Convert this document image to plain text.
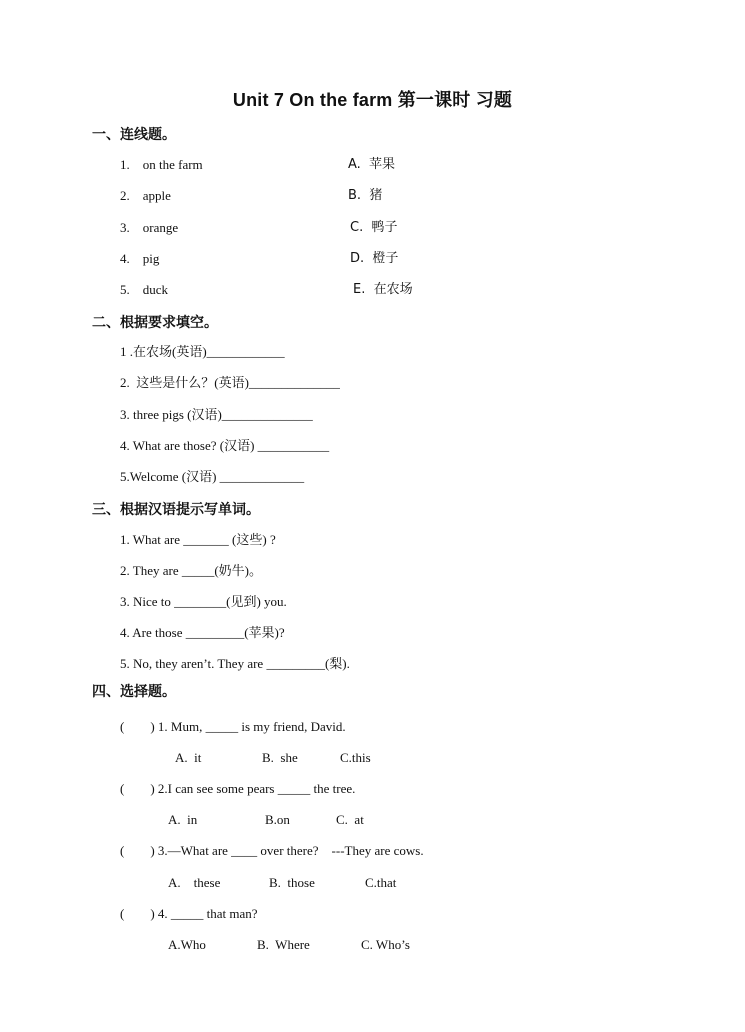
Unit 7 On the farm 第一课时 习题
一、连线题。
1.    on the farm	A.  苹果
2.    apple	B.  猪
3.    orange	C.  鸭子
4.    pig	D.  橙子
5.    duck	E.  在农场
二、根据要求填空。
1 .在农场(英语)____________
2.  这些是什么？(英语)______________
3. three pigs (汉语)______________
4. What are those? (汉语) ___________
5.Welcome (汉语) _____________
三、根据汉语提示写单词。
1. What are _______ (这些) ?
2. They are _____(奶牛)。
3. Nice to ________(见到) you.
4. Are those _________(苹果)?
5. No, they aren’t. They are _________(梨).
四、选择题。
(        ) 1. Mum, _____ is my friend, David.
A.  it	B.  she	C.this
(        ) 2.I can see some pears _____ the tree.
A.  in	B.on	C.  at
(        ) 3.—What are ____ over there?    ---They are cows.
A.    these	B.  those	C.that
(        ) 4. _____ that man?
A.Who	B.  Where	C. Who’s
